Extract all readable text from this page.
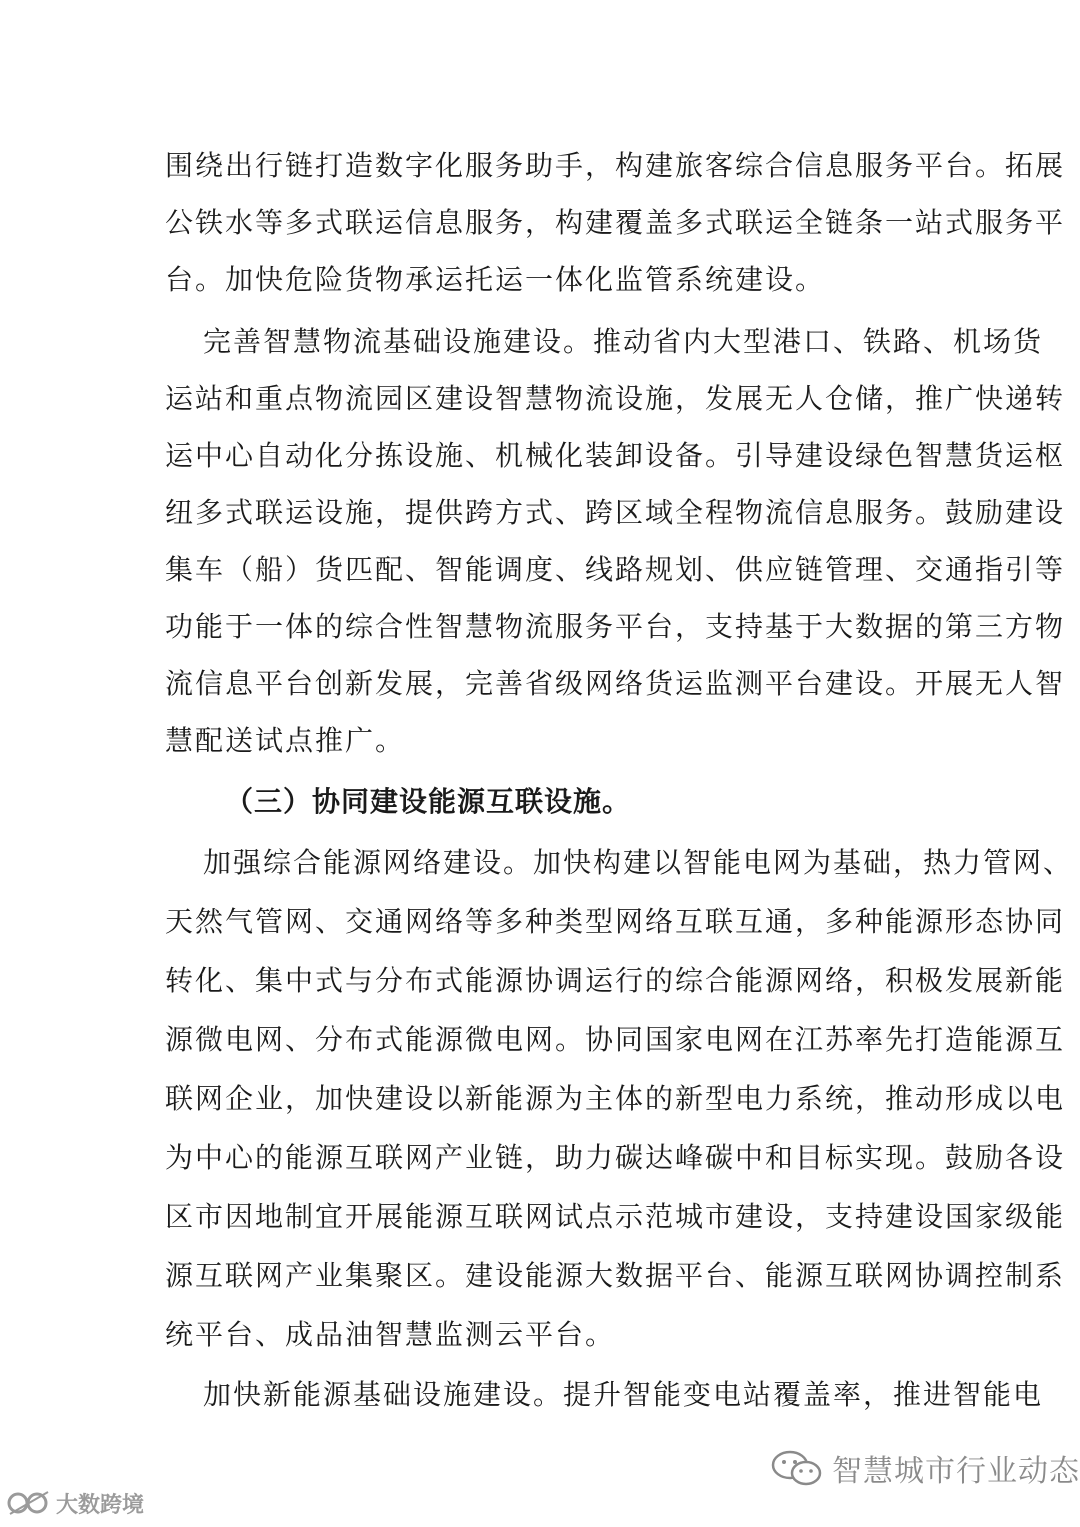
围绕出行链打造数字化服务助手，构建旅客综合信息服务平台。拓展
公铁水等多式联运信息服务，构建覆盖多式联运全链条一站式服务平
台。加快危险货物承运托运一体化监管系统建设。
完善智慧物流基础设施建设。推动省内大型港口、铁路、机场货
运站和重点物流园区建设智慧物流设施，发展无人仓储，推广快递转
运中心自动化分拣设施、机械化装卸设备。引导建设绿色智慧货运枢
纽多式联运设施，提供跨方式、跨区域全程物流信息服务。鼓励建设
集车（船）货匹配、智能调度、线路规划、供应链管理、交通指引等
功能于一体的综合性智慧物流服务平台，支持基于大数据的第三方物
流信息平台创新发展，完善省级网络货运监测平台建设。开展无人智
慧配送试点推广。
（三）协同建设能源互联设施。
加强综合能源网络建设。加快构建以智能电网为基础，热力管网、
天然气管网、交通网络等多种类型网络互联互通，多种能源形态协同
转化、集中式与分布式能源协调运行的综合能源网络，积极发展新能
源微电网、分布式能源微电网。协同国家电网在江苏率先打造能源互
联网企业，加快建设以新能源为主体的新型电力系统，推动形成以电
为中心的能源互联网产业链，助力碳达峰碳中和目标实现。鼓励各设
区市因地制宜开展能源互联网试点示范城市建设，支持建设国家级能
源互联网产业集聚区。建设能源大数据平台、能源互联网协调控制系
统平台、成品油智慧监测云平台。
加快新能源基础设施建设。提升智能变电站覆盖率，推进智能电
智慧城市行业动态
大数跨境
